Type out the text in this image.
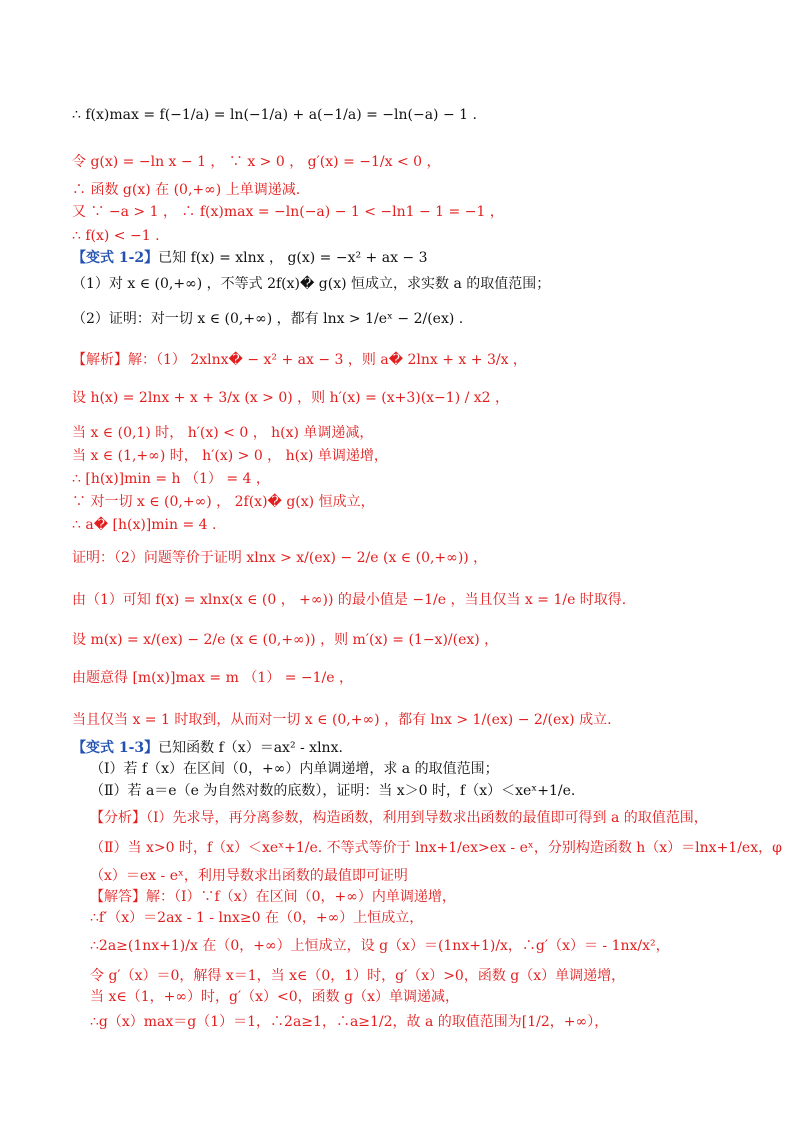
∴ f(x)max = f(−1/a) = ln(−1/a) + a(−1/a) = −ln(−a) − 1 .
令 g(x) = −ln x − 1 ， ∵ x > 0 ， g′(x) = −1/x < 0 ，
∴ 函数 g(x) 在 (0,+∞) 上单调递减.
又 ∵ −a > 1 ， ∴ f(x)max = −ln(−a) − 1 < −ln1 − 1 = −1 ，
∴ f(x) < −1 .
【变式 1-2】已知 f(x) = xlnx ， g(x) = −x² + ax − 3
（1）对 x ∈ (0,+∞) ，不等式 2f(x)� g(x) 恒成立，求实数 a 的取值范围；
（2）证明：对一切 x ∈ (0,+∞) ，都有 lnx > 1/eˣ − 2/(ex) .
【解析】解：（1） 2xlnx� − x² + ax − 3 ，则 a� 2lnx + x + 3/x ，
设 h(x) = 2lnx + x + 3/x (x > 0) ，则 h′(x) = (x+3)(x−1) / x2 ，
当 x ∈ (0,1) 时， h′(x) < 0 ， h(x) 单调递减，
当 x ∈ (1,+∞) 时， h′(x) > 0 ， h(x) 单调递增，
∴ [h(x)]min = h （1） = 4 ，
∵ 对一切 x ∈ (0,+∞) ， 2f(x)� g(x) 恒成立，
∴ a� [h(x)]min = 4 .
证明：（2）问题等价于证明 xlnx > x/(ex) − 2/e (x ∈ (0,+∞)) ，
由（1）可知 f(x) = xlnx(x ∈ (0 ， +∞)) 的最小值是 −1/e ，当且仅当 x = 1/e 时取得.
设 m(x) = x/(ex) − 2/e (x ∈ (0,+∞)) ，则 m′(x) = (1−x)/(ex) ，
由题意得 [m(x)]max = m （1） = −1/e ，
当且仅当 x = 1 时取到，从而对一切 x ∈ (0,+∞) ，都有 lnx > 1/(ex) − 2/(ex) 成立.
【变式 1-3】已知函数 f（x）＝ax² - xlnx.
（Ⅰ）若 f（x）在区间（0，+∞）内单调递增，求 a 的取值范围；
（Ⅱ）若 a＝e（e 为自然对数的底数），证明：当 x＞0 时，f（x）＜xeˣ+1/e.
【分析】（Ⅰ）先求导，再分离参数，构造函数，利用到导数求出函数的最值即可得到 a 的取值范围，
（Ⅱ）当 x>0 时，f（x）＜xeˣ+1/e. 不等式等价于 lnx+1/ex>ex - eˣ，分别构造函数 h（x）＝lnx+1/ex，φ
（x）＝ex - eˣ，利用导数求出函数的最值即可证明
【解答】解：（Ⅰ）∵f（x）在区间（0，+∞）内单调递增，
∴f′（x）＝2ax - 1 - lnx≥0 在（0，+∞）上恒成立，
∴2a≥(1nx+1)/x 在（0，+∞）上恒成立，设 g（x）＝(1nx+1)/x，∴g′（x）＝ - 1nx/x²，
令 g′（x）＝0，解得 x＝1，当 x∈（0，1）时，g′（x）>0，函数 g（x）单调递增，
当 x∈（1，+∞）时，g′（x）<0，函数 g（x）单调递减，
∴g（x）max＝g（1）＝1，∴2a≥1，∴a≥1/2，故 a 的取值范围为[1/2，+∞），
